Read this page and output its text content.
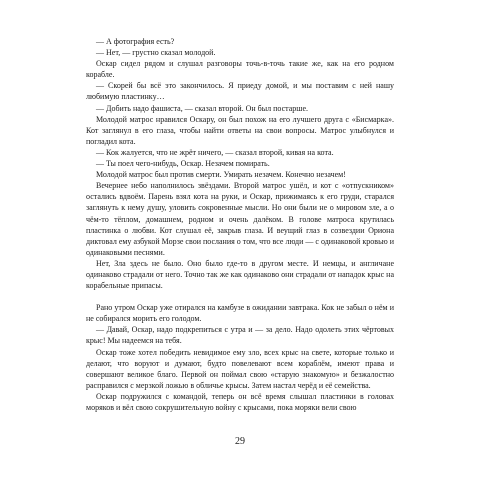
— А фотография есть?

— Нет, — грустно сказал молодой.

Оскар сидел рядом и слушал разговоры точь-в-точь такие же, как на его родном корабле.

— Скорей бы всё это закончилось. Я приеду домой, и мы поставим с ней нашу любимую пластинку…

— Добить надо фашиста, — сказал второй. Он был постарше.

Молодой матрос нравился Оскару, он был похож на его лучшего друга с «Бисмарка». Кот заглянул в его глаза, чтобы найти ответы на свои вопросы. Матрос улыбнулся и погладил кота.

— Кок жалуется, что не жрёт ничего, — сказал второй, кивая на кота.

— Ты поел чего-нибудь, Оскар. Незачем помирать.

Молодой матрос был против смерти. Умирать незачем. Конечно незачем!

Вечернее небо наполнилось звёздами. Второй матрос ушёл, и кот с «отпускником» остались вдвоём. Парень взял кота на руки, и Оскар, прижимаясь к его груди, старался заглянуть к нему душу, уловить сокровенные мысли. Но они были не о мировом зле, а о чём-то тёплом, домашнем, родном и очень далёком. В голове матроса крутилась пластинка о любви. Кот слушал её, закрыв глаза. И веущий глаз в созвездии Ориона диктовал ему азбукой Морзе свои послания о том, что все люди — с одинаковой кровью и одинаковыми песнями.

Нет, Зла здесь не было. Оно было где-то в другом месте. И немцы, и англичане одинаково страдали от него. Точно так же как одинаково они страдали от нападок крыс на корабельные припасы.

Рано утром Оскар уже отирался на камбузе в ожидании завтрака. Кок не забыл о нём и не собирался морить его голодом.

— Давай, Оскар, надо подкрепиться с утра и — за дело. Надо одолеть этих чёртовых крыс! Мы надеемся на тебя.

Оскар тоже хотел победить невидимое ему зло, всех крыс на свете, которые только и делают, что воруют и думают, будто повелевают всем кораблём, имеют права и совершают великое благо. Первой он поймал свою «старую знакомую» и безжалостно расправился с мерзкой ложью в обличье крысы. Затем настал черёд и её семейства.

Оскар подружился с командой, теперь он всё время слышал пластинки в головах моряков и вёл свою сокрушительную войну с крысами, пока моряки вели свою

29
